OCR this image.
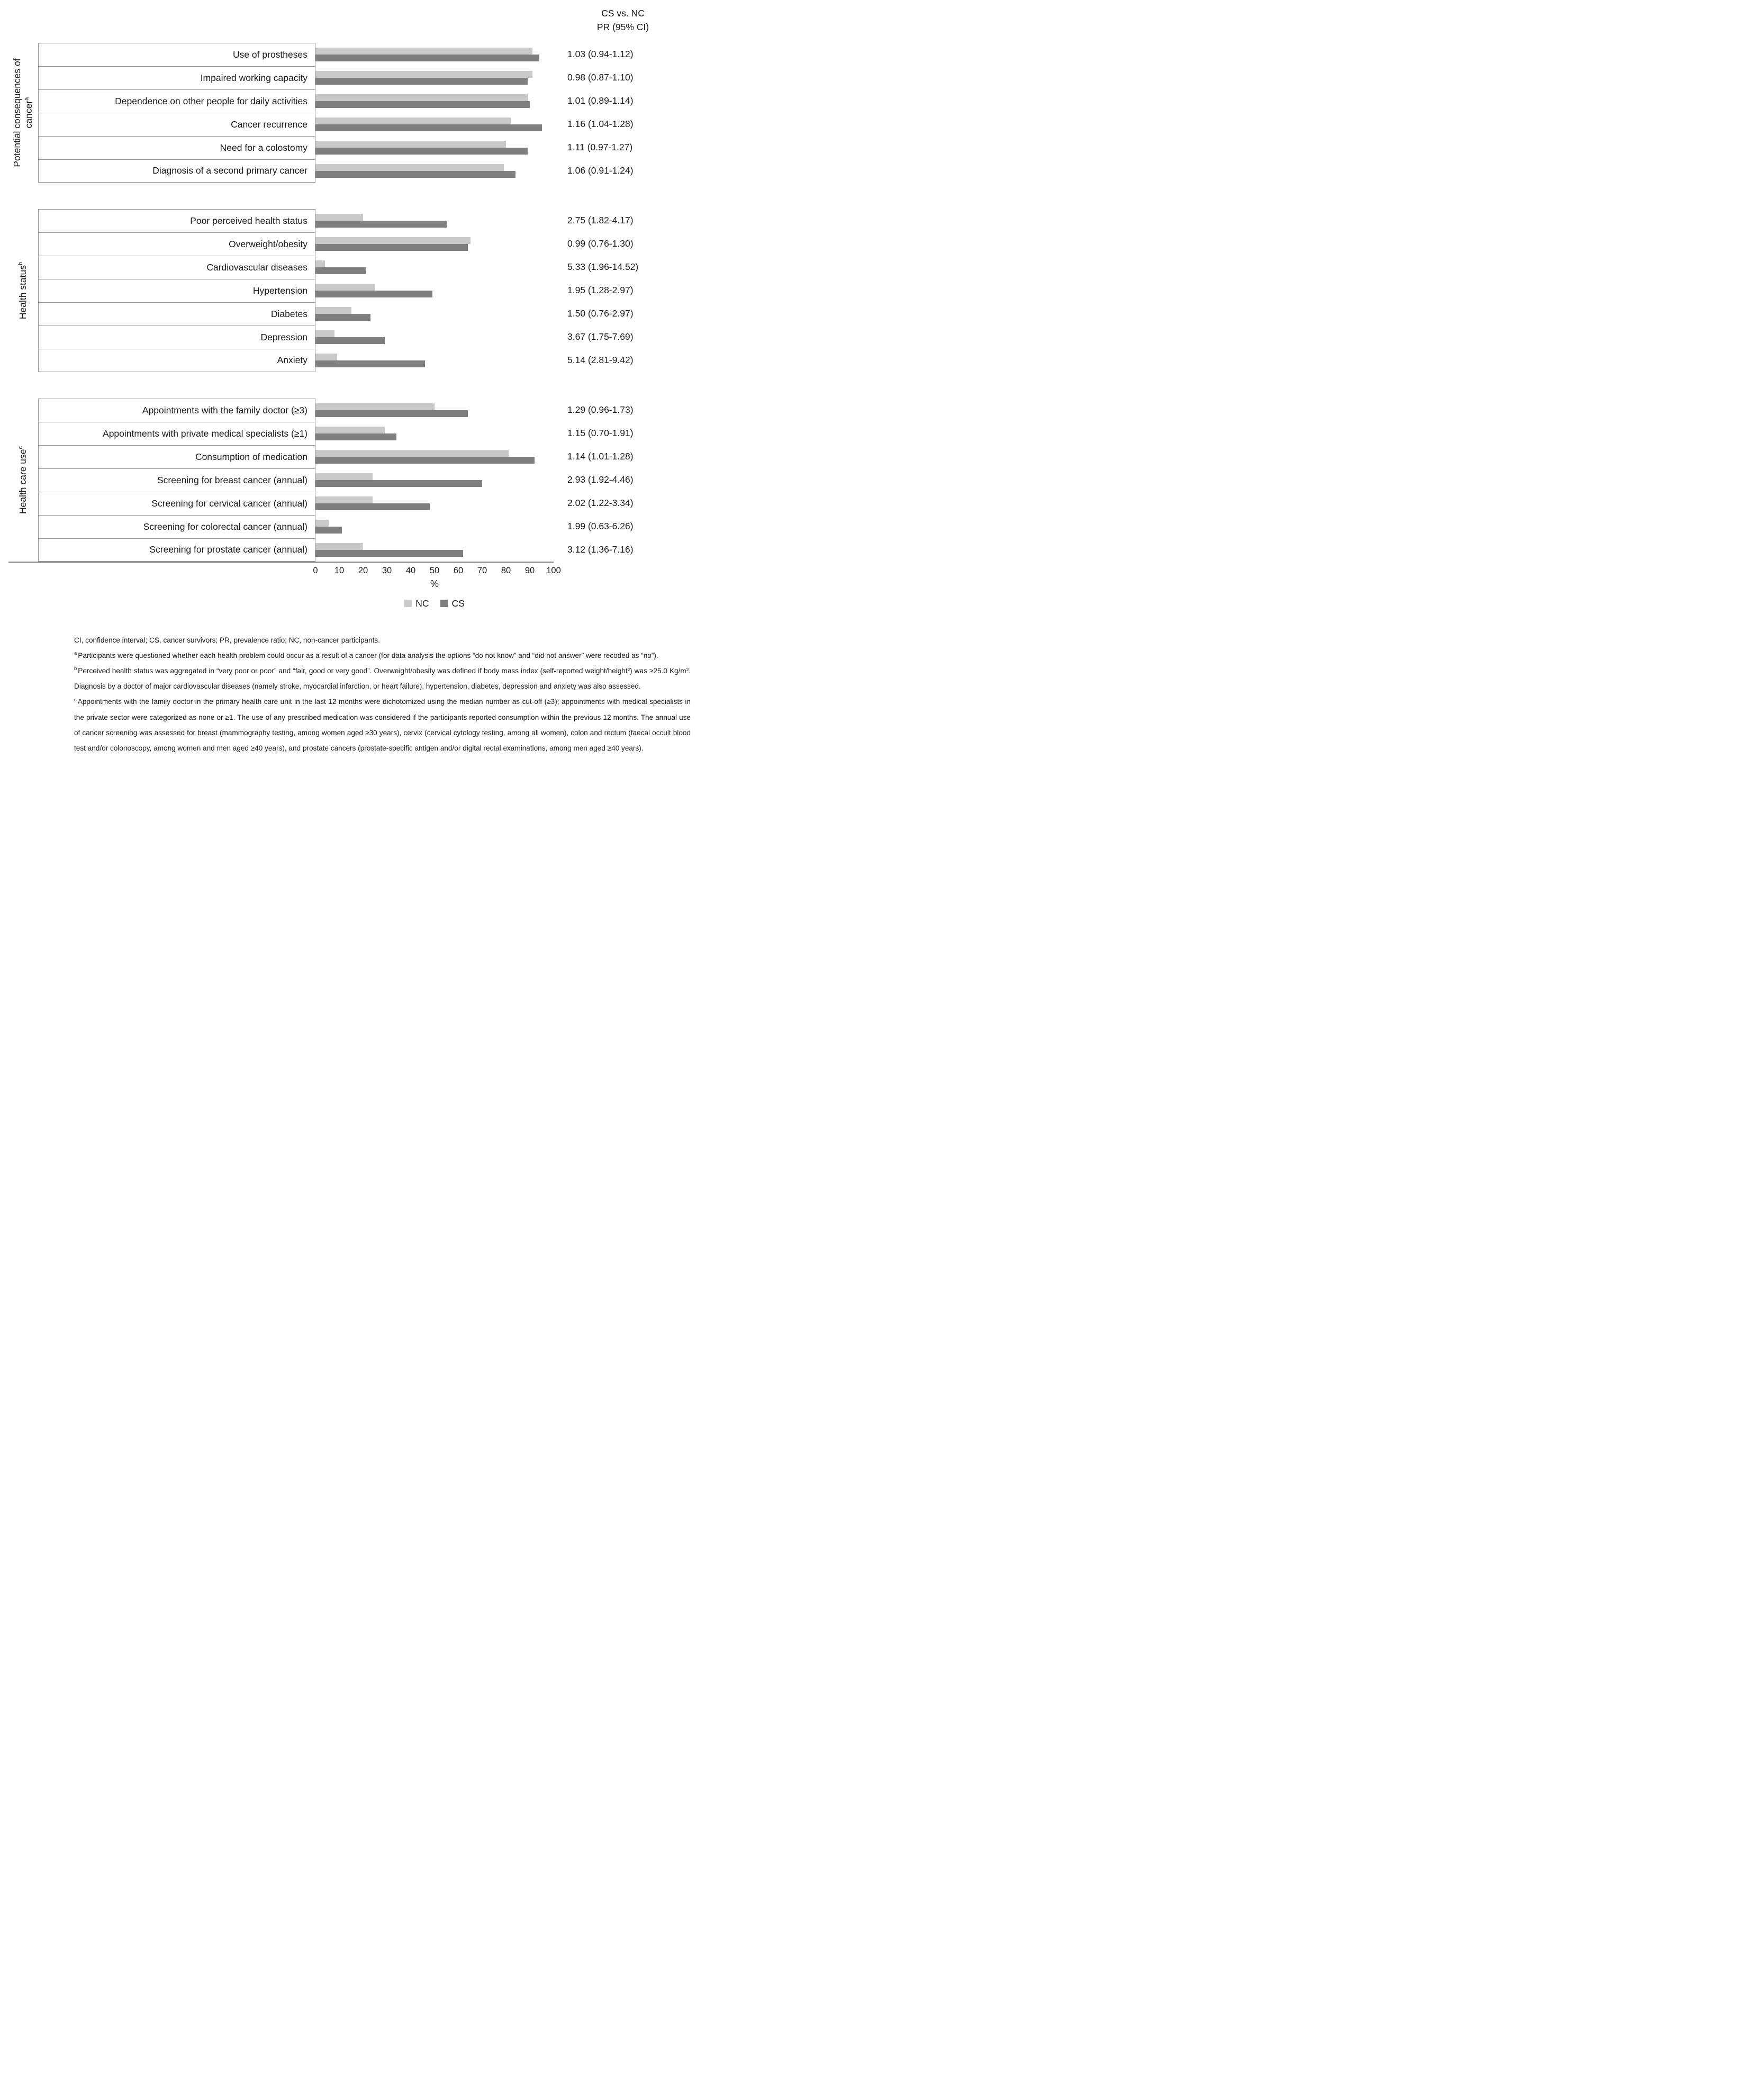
CS vs. NC
PR (95% CI)
Potential consequences of cancer$^a$
Use of prostheses	1.03 (0.94-1.12)
Impaired working capacity	0.98 (0.87-1.10)
Dependence on other people for daily activities	1.01 (0.89-1.14)
Cancer recurrence	1.16 (1.04-1.28)
Need for a colostomy	1.11 (0.97-1.27)
Diagnosis of a second primary cancer	1.06 (0.91-1.24)
Health status$^b$
Poor perceived health status	2.75 (1.82-4.17)
Overweight/obesity	0.99 (0.76-1.30)
Cardiovascular diseases	5.33 (1.96-14.52)
Hypertension	1.95 (1.28-2.97)
Diabetes	1.50 (0.76-2.97)
Depression	3.67 (1.75-7.69)
Anxiety	5.14 (2.81-9.42)
Health care use$^c$
Appointments with the family doctor (≥3)	1.29 (0.96-1.73)
Appointments with private medical specialists (≥1)	1.15 (0.70-1.91)
Consumption of medication	1.14 (1.01-1.28)
Screening for breast cancer (annual)	2.93 (1.92-4.46)
Screening for cervical cancer (annual)	2.02 (1.22-3.34)
Screening for colorectal cancer (annual)	1.99 (0.63-6.26)
Screening for prostate cancer (annual)	3.12 (1.36-7.16)
0 10 20 30 40 50 60 70 80 90 100
%
NC CS

CI, confidence interval; CS, cancer survivors; PR, prevalence ratio; NC, non-cancer participants.

$^a$ Participants were questioned whether each health problem could occur as a result of a cancer (for data analysis the options “do not know” and “did not answer” were recoded as “no”).

$^b$ Perceived health status was aggregated in “very poor or poor” and “fair, good or very good”. Overweight/obesity was defined if body mass index (self-reported weight/height²) was ≥25.0 Kg/m². Diagnosis by a doctor of major cardiovascular diseases (namely stroke, myocardial infarction, or heart failure), hypertension, diabetes, depression and anxiety was also assessed.

$^c$ Appointments with the family doctor in the primary health care unit in the last 12 months were dichotomized using the median number as cut-off (≥3); appointments with medical specialists in the private sector were categorized as none or ≥1. The use of any prescribed medication was considered if the participants reported consumption within the previous 12 months. The annual use of cancer screening was assessed for breast (mammography testing, among women aged ≥30 years), cervix (cervical cytology testing, among all women), colon and rectum (faecal occult blood test and/or colonoscopy, among women and men aged ≥40 years), and prostate cancers (prostate-specific antigen and/or digital rectal examinations, among men aged ≥40 years).
